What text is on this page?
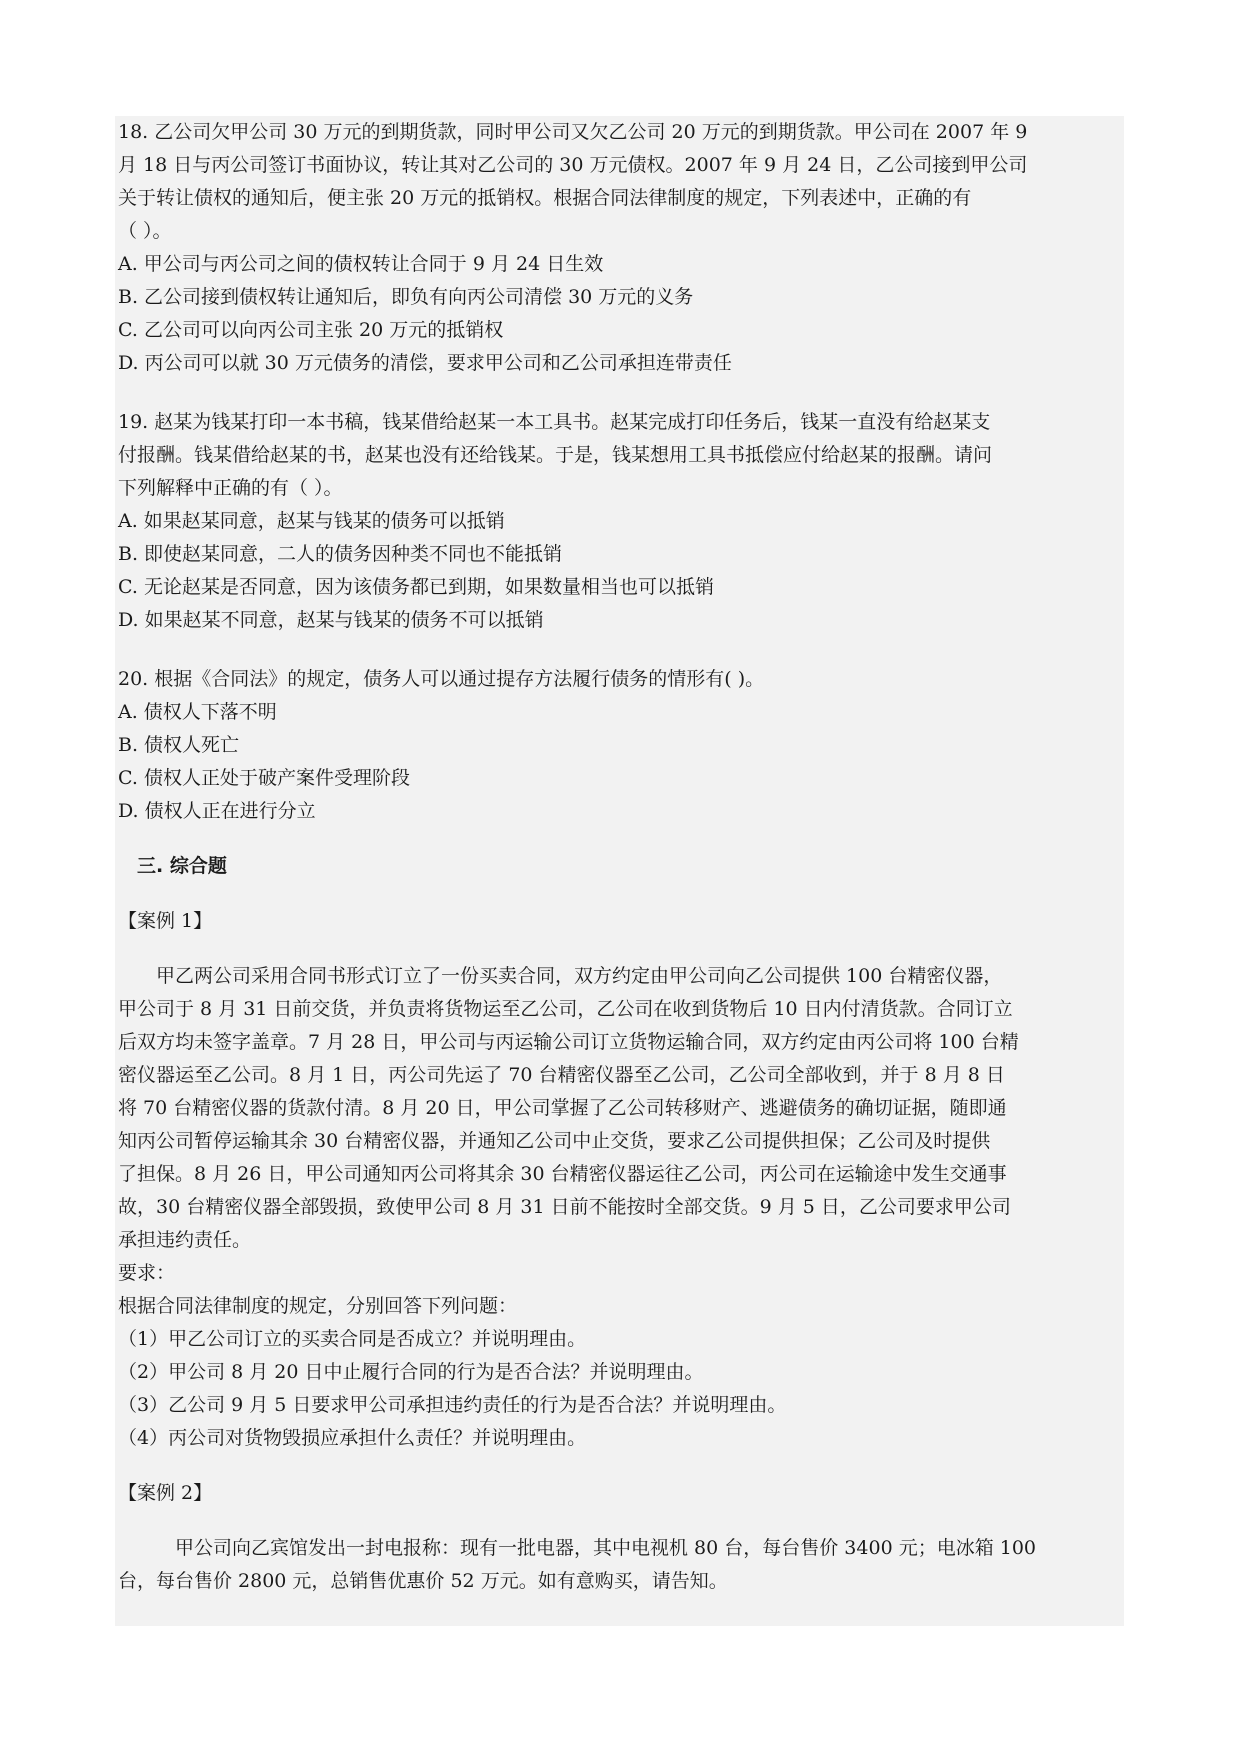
18. 乙公司欠甲公司 30 万元的到期货款，同时甲公司又欠乙公司 20 万元的到期货款。甲公司在 2007 年 9
月 18 日与丙公司签订书面协议，转让其对乙公司的 30 万元债权。2007 年 9 月 24 日，乙公司接到甲公司
关于转让债权的通知后，便主张 20 万元的抵销权。根据合同法律制度的规定，下列表述中，正确的有
（ ）。
A. 甲公司与丙公司之间的债权转让合同于 9 月 24 日生效
B. 乙公司接到债权转让通知后，即负有向丙公司清偿 30 万元的义务
C. 乙公司可以向丙公司主张 20 万元的抵销权
D. 丙公司可以就 30 万元债务的清偿，要求甲公司和乙公司承担连带责任
19. 赵某为钱某打印一本书稿，钱某借给赵某一本工具书。赵某完成打印任务后，钱某一直没有给赵某支
付报酬。钱某借给赵某的书，赵某也没有还给钱某。于是，钱某想用工具书抵偿应付给赵某的报酬。请问
下列解释中正确的有（ ）。
A. 如果赵某同意，赵某与钱某的债务可以抵销
B. 即使赵某同意，二人的债务因种类不同也不能抵销
C. 无论赵某是否同意，因为该债务都已到期，如果数量相当也可以抵销
D. 如果赵某不同意，赵某与钱某的债务不可以抵销
20. 根据《合同法》的规定，债务人可以通过提存方法履行债务的情形有( )。
A. 债权人下落不明
B. 债权人死亡
C. 债权人正处于破产案件受理阶段
D. 债权人正在进行分立
三. 综合题
【案例 1】
　　甲乙两公司采用合同书形式订立了一份买卖合同，双方约定由甲公司向乙公司提供 100 台精密仪器，
甲公司于 8 月 31 日前交货，并负责将货物运至乙公司，乙公司在收到货物后 10 日内付清货款。合同订立
后双方均未签字盖章。7 月 28 日，甲公司与丙运输公司订立货物运输合同，双方约定由丙公司将 100 台精
密仪器运至乙公司。8 月 1 日，丙公司先运了 70 台精密仪器至乙公司，乙公司全部收到，并于 8 月 8 日
将 70 台精密仪器的货款付清。8 月 20 日，甲公司掌握了乙公司转移财产、逃避债务的确切证据，随即通
知丙公司暂停运输其余 30 台精密仪器，并通知乙公司中止交货，要求乙公司提供担保；乙公司及时提供
了担保。8 月 26 日，甲公司通知丙公司将其余 30 台精密仪器运往乙公司，丙公司在运输途中发生交通事
故，30 台精密仪器全部毁损，致使甲公司 8 月 31 日前不能按时全部交货。9 月 5 日，乙公司要求甲公司
承担违约责任。
要求：
根据合同法律制度的规定，分别回答下列问题：
（1）甲乙公司订立的买卖合同是否成立？并说明理由。
（2）甲公司 8 月 20 日中止履行合同的行为是否合法？并说明理由。
（3）乙公司 9 月 5 日要求甲公司承担违约责任的行为是否合法？并说明理由。
（4）丙公司对货物毁损应承担什么责任？并说明理由。
【案例 2】
　　　甲公司向乙宾馆发出一封电报称：现有一批电器，其中电视机 80 台，每台售价 3400 元；电冰箱 100
台，每台售价 2800 元，总销售优惠价 52 万元。如有意购买，请告知。
